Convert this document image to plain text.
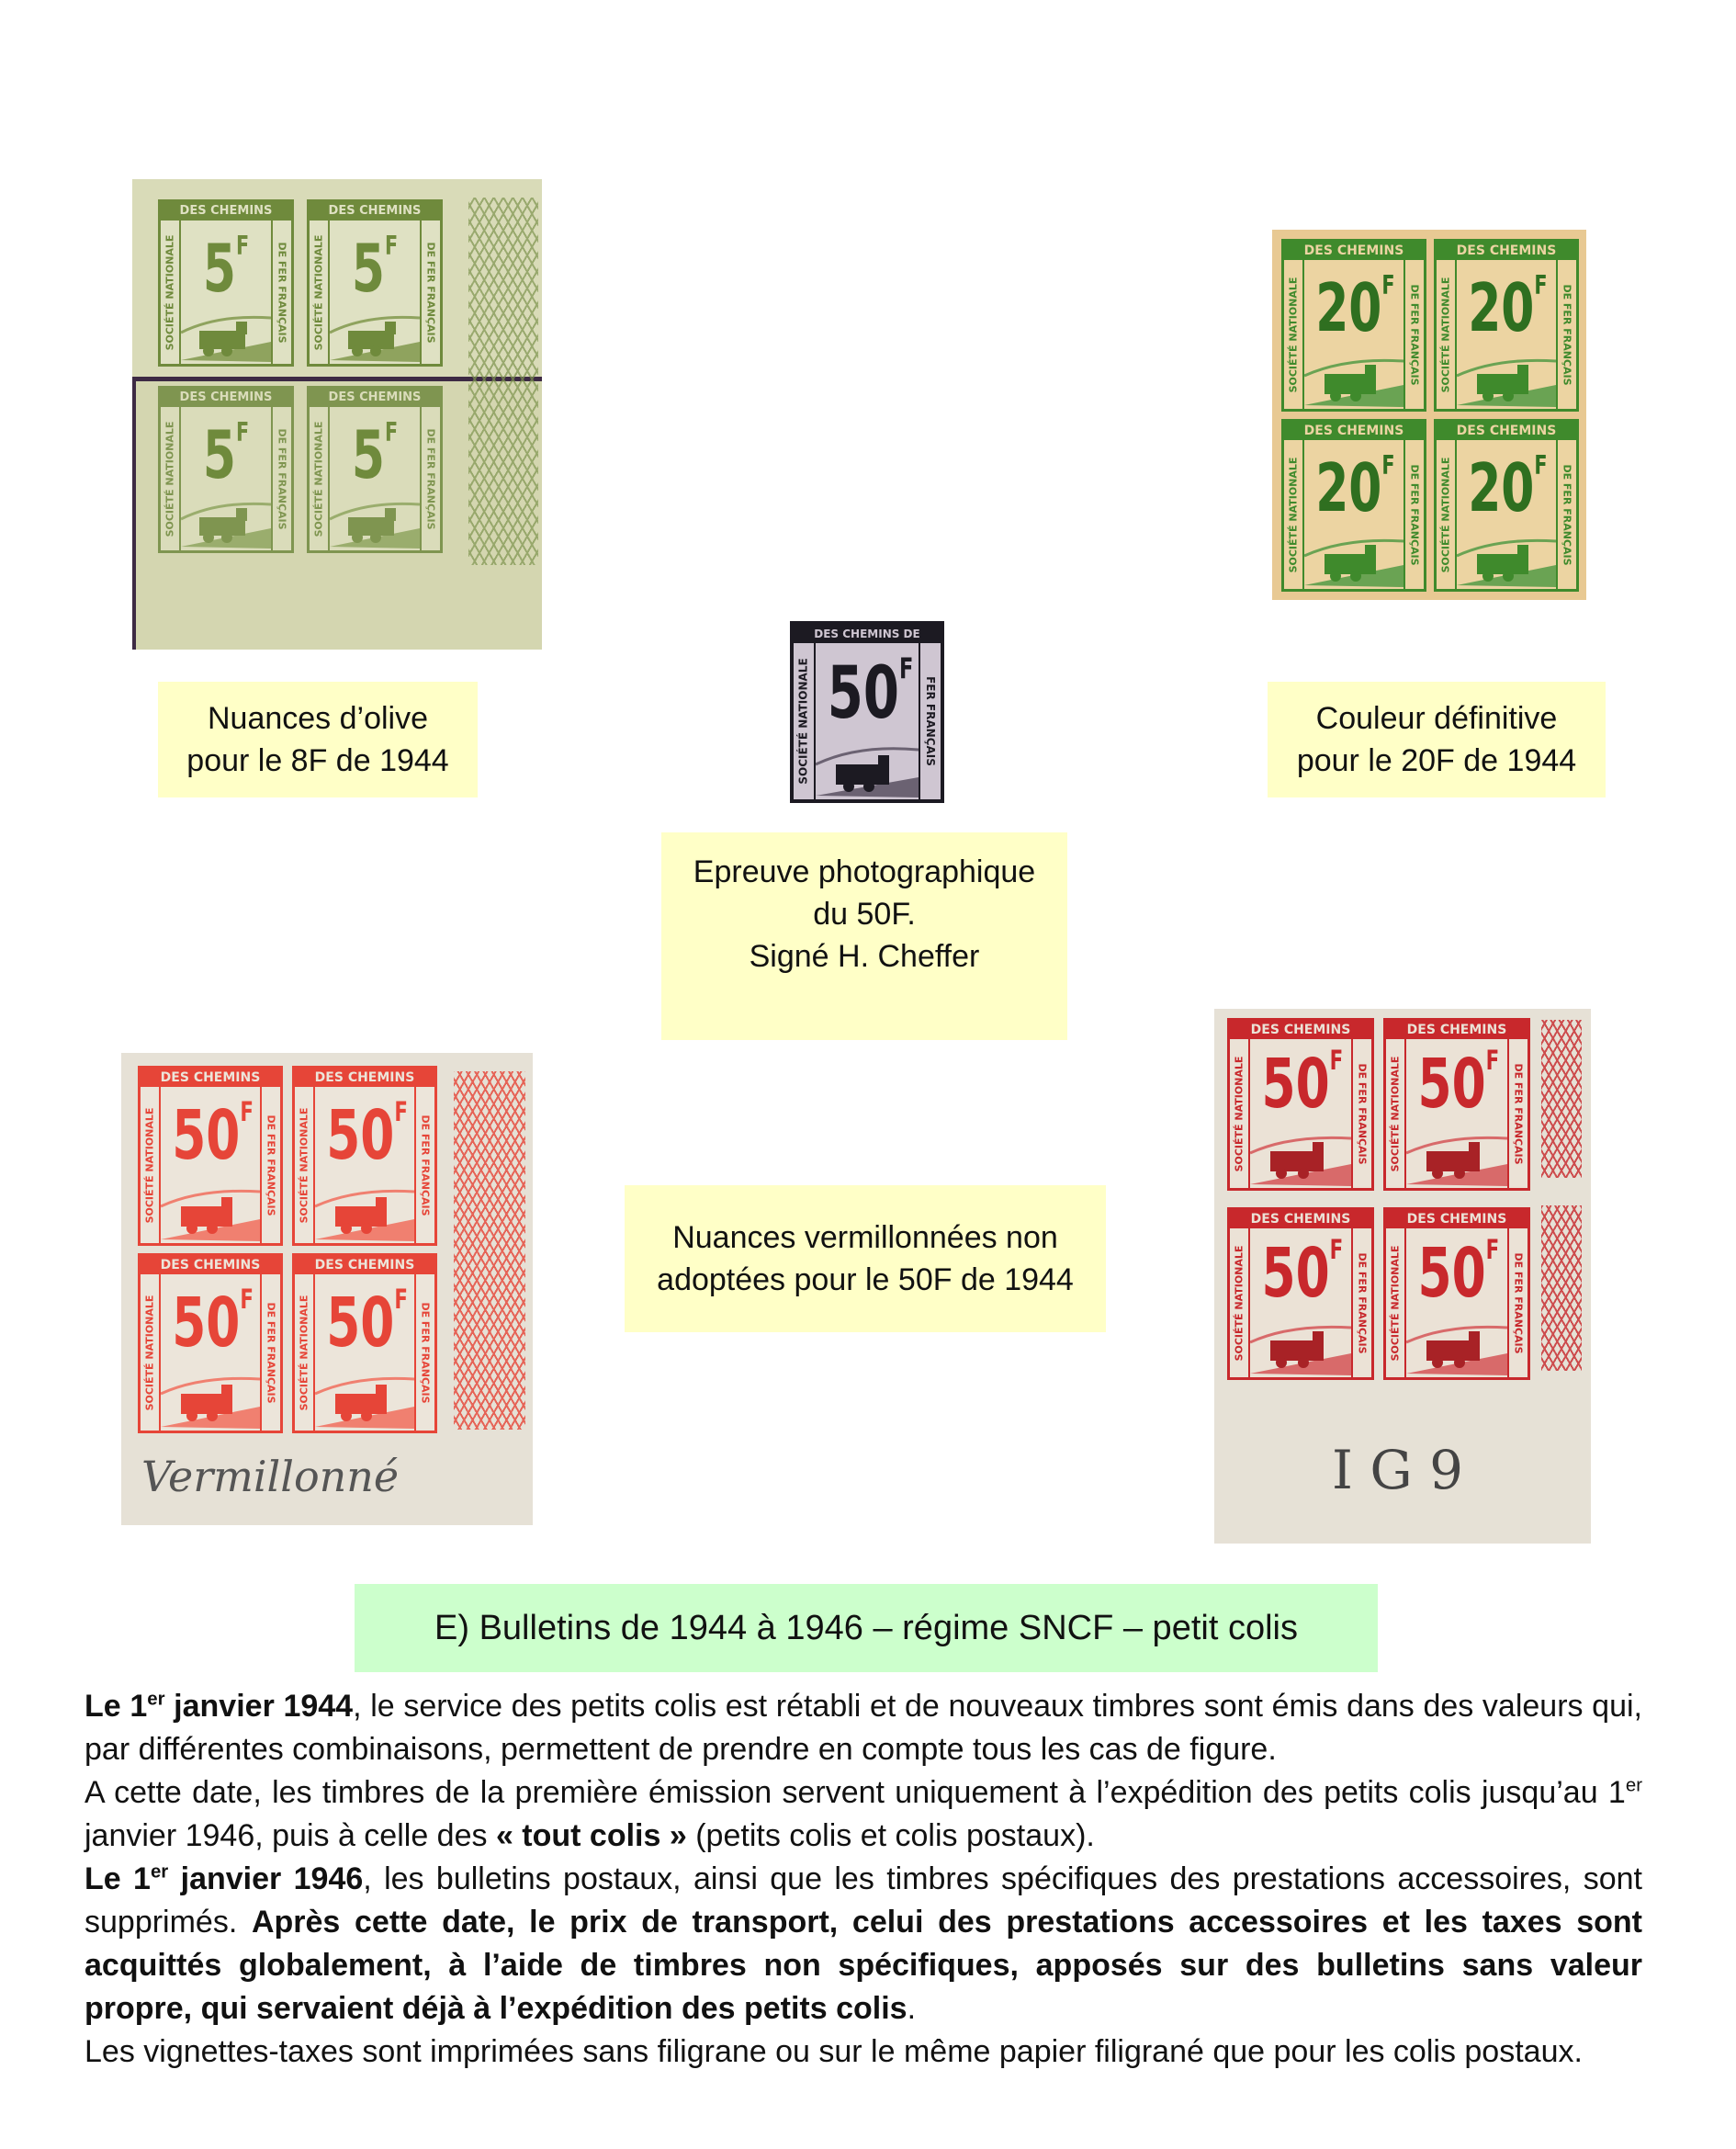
DES CHEMINS
SOCIÉTÉ NATIONALE	DE FER FRANÇAIS
$5^F$
DES CHEMINS
SOCIÉTÉ NATIONALE	DE FER FRANÇAIS
$5^F$
DES CHEMINS
SOCIÉTÉ NATIONALE	DE FER FRANÇAIS
$5^F$
DES CHEMINS
SOCIÉTÉ NATIONALE	DE FER FRANÇAIS
$5^F$
DES CHEMINS
SOCIÉTÉ NATIONALE	DE FER FRANÇAIS
$20^F$
DES CHEMINS
SOCIÉTÉ NATIONALE	DE FER FRANÇAIS
$20^F$
DES CHEMINS
SOCIÉTÉ NATIONALE	DE FER FRANÇAIS
$20^F$
DES CHEMINS
SOCIÉTÉ NATIONALE	DE FER FRANÇAIS
$20^F$
DES CHEMINS DE
SOCIÉTÉ NATIONALE	FER FRANÇAIS
$50^F$
Nuances d’olive
pour le 8F de 1944
Couleur définitive
pour le 20F de 1944
Epreuve photographique
du 50F.
Signé H. Cheffer
Nuances vermillonnées non
adoptées pour le 50F de 1944
DES CHEMINS
SOCIÉTÉ NATIONALE	DE FER FRANÇAIS
$50^F$
DES CHEMINS
SOCIÉTÉ NATIONALE	DE FER FRANÇAIS
$50^F$
DES CHEMINS
SOCIÉTÉ NATIONALE	DE FER FRANÇAIS
$50^F$
DES CHEMINS
SOCIÉTÉ NATIONALE	DE FER FRANÇAIS
$50^F$
Vermillonné
DES CHEMINS
SOCIÉTÉ NATIONALE	DE FER FRANÇAIS
$50^F$
DES CHEMINS
SOCIÉTÉ NATIONALE	DE FER FRANÇAIS
$50^F$
DES CHEMINS
SOCIÉTÉ NATIONALE	DE FER FRANÇAIS
$50^F$
DES CHEMINS
SOCIÉTÉ NATIONALE	DE FER FRANÇAIS
$50^F$
I G 9
E) Bulletins de 1944 à 1946 – régime SNCF – petit colis

Le 1er janvier 1944, le service des petits colis est rétabli et de nouveaux timbres sont émis dans des valeurs qui, par différentes combinaisons, permettent de prendre en compte tous les cas de figure.

A cette date, les timbres de la première émission servent uniquement à l’expédition des petits colis jusqu’au 1er janvier 1946, puis à celle des « tout colis » (petits colis et colis postaux).

Le 1er janvier 1946, les bulletins postaux, ainsi que les timbres spécifiques des prestations accessoires, sont supprimés. Après cette date, le prix de transport, celui des prestations accessoires et les taxes sont acquittés globalement, à l’aide de timbres non spécifiques, apposés sur des bulletins sans valeur propre, qui servaient déjà à l’expédition des petits colis.

Les vignettes-taxes sont imprimées sans filigrane ou sur le même papier filigrané que pour les colis postaux.
